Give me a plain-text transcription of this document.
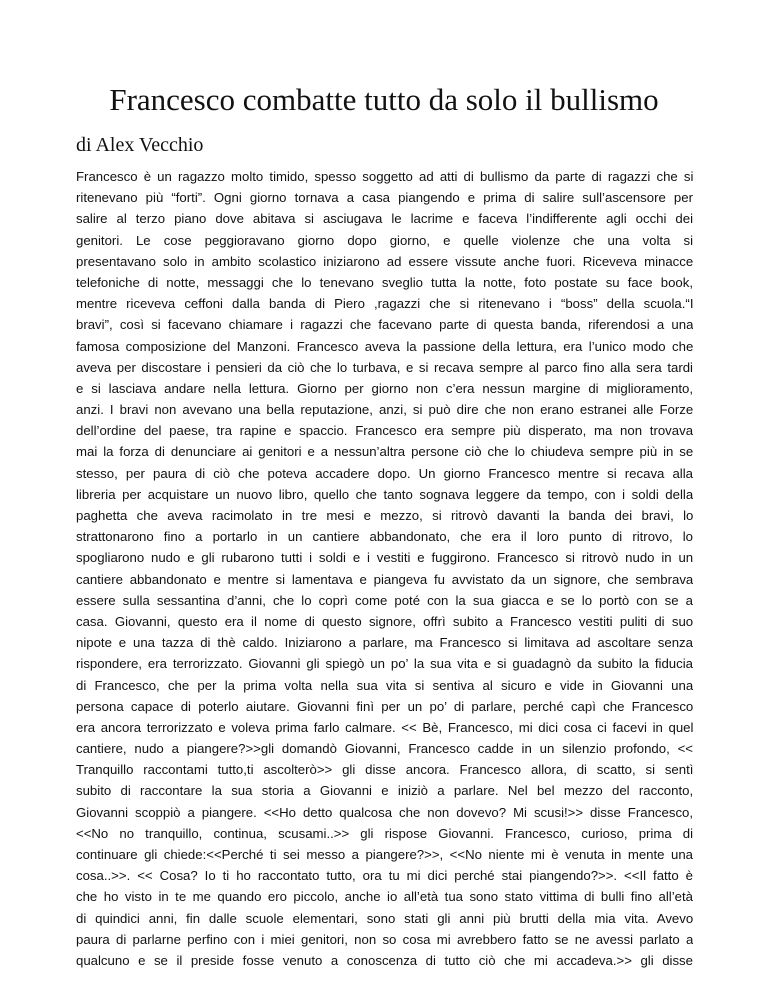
Francesco combatte tutto da solo il bullismo

di Alex Vecchio

Francesco è un ragazzo molto timido, spesso soggetto ad atti di bullismo da parte di ragazzi che si
ritenevano più “forti”. Ogni giorno tornava a casa piangendo e prima di salire sull’ascensore per
salire al terzo piano dove abitava si asciugava le lacrime e faceva l’indifferente agli occhi dei
genitori. Le cose peggioravano giorno dopo giorno, e quelle violenze che una volta si
presentavano solo in ambito scolastico iniziarono ad essere vissute anche fuori. Riceveva minacce
telefoniche di notte, messaggi che lo tenevano sveglio tutta la notte, foto postate su face book,
mentre riceveva ceffoni dalla banda di Piero ,ragazzi che si ritenevano i “boss” della scuola.“I
bravi”, così si facevano chiamare i ragazzi che facevano parte di questa banda, riferendosi a una
famosa composizione del Manzoni. Francesco aveva la passione della lettura, era l’unico modo che
aveva per discostare i pensieri da ciò che lo turbava, e si recava sempre al parco fino alla sera tardi
e si lasciava andare nella lettura. Giorno per giorno non c’era nessun margine di miglioramento,
anzi. I bravi non avevano una bella reputazione, anzi, si può dire che non erano estranei alle Forze
dell’ordine del paese, tra rapine e spaccio. Francesco era sempre più disperato, ma non trovava
mai la forza di denunciare ai genitori e a nessun’altra persone ciò che lo chiudeva sempre più in se
stesso, per paura di ciò che poteva accadere dopo. Un giorno Francesco mentre si recava alla
libreria per acquistare un nuovo libro, quello che tanto sognava leggere da tempo, con i soldi della
paghetta che aveva racimolato in tre mesi e mezzo, si ritrovò davanti la banda dei bravi, lo
strattonarono fino a portarlo in un cantiere abbandonato, che era il loro punto di ritrovo, lo
spogliarono nudo e gli rubarono tutti i soldi e i vestiti e fuggirono. Francesco si ritrovò nudo in un
cantiere abbandonato e mentre si lamentava e piangeva fu avvistato da un signore, che sembrava
essere sulla sessantina d’anni, che lo coprì come poté con la sua giacca e se lo portò con se a
casa. Giovanni, questo era il nome di questo signore, offrì subito a Francesco vestiti puliti di suo
nipote e una tazza di thè caldo. Iniziarono a parlare, ma Francesco si limitava ad ascoltare senza
rispondere, era terrorizzato. Giovanni gli spiegò un po’ la sua vita e si guadagnò da subito la fiducia
di Francesco, che per la prima volta nella sua vita si sentiva al sicuro e vide in Giovanni una
persona capace di poterlo aiutare. Giovanni finì per un po’ di parlare, perché capì che Francesco
era ancora terrorizzato e voleva prima farlo calmare. << Bè, Francesco, mi dici cosa ci facevi in quel
cantiere, nudo a piangere?>>gli domandò Giovanni, Francesco cadde in un silenzio profondo, <<
Tranquillo raccontami tutto,ti ascolterò>> gli disse ancora. Francesco allora, di scatto, si sentì
subito di raccontare la sua storia a Giovanni e iniziò a parlare. Nel bel mezzo del racconto,
Giovanni scoppiò a piangere. <<Ho detto qualcosa che non dovevo? Mi scusi!>> disse Francesco,
<<No no tranquillo, continua, scusami..>> gli rispose Giovanni. Francesco, curioso, prima di
continuare gli chiede:<<Perché ti sei messo a piangere?>>, <<No niente mi è venuta in mente una
cosa..>>. << Cosa? Io ti ho raccontato tutto, ora tu mi dici perché stai piangendo?>>. <<Il fatto è
che ho visto in te me quando ero piccolo, anche io all’età tua sono stato vittima di bulli fino all’età
di quindici anni, fin dalle scuole elementari, sono stati gli anni più brutti della mia vita. Avevo
paura di parlarne perfino con i miei genitori, non so cosa mi avrebbero fatto se ne avessi parlato a
qualcuno e se il preside fosse venuto a conoscenza di tutto ciò che mi accadeva.>> gli disse
